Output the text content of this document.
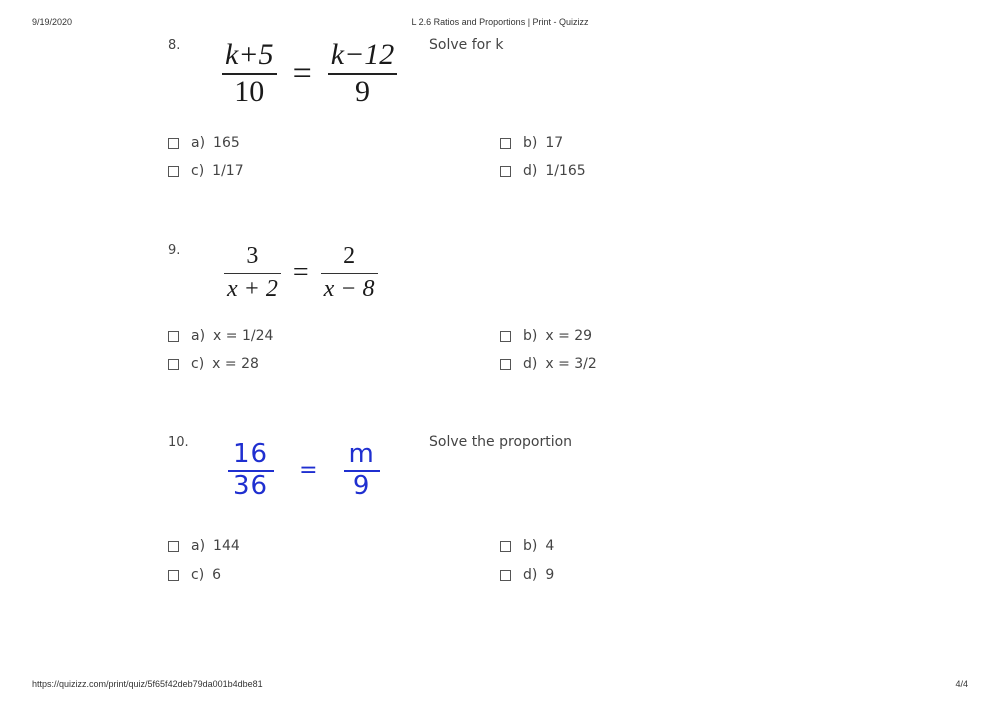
9/19/2020	L 2.6 Ratios and Proportions | Print - Quizizz
https://quizizz.com/print/quiz/5f65f42deb79da001b4dbe81	4/4
8.	Solve for k
$\frac{k+5}{10} = \frac{k-12}{9}$
a) 165	b) 17
c) 1/17	d) 1/165
9. $\frac{3}{x + 2} = \frac{2}{x - 8}$
a) x = 1/24	b) x = 29
c) x = 28	d) x = 3/2
10.	Solve the proportion
$\frac{16}{36}$	=	$\frac{m}{9}$
a) 144	b) 4
c) 6	d) 9
